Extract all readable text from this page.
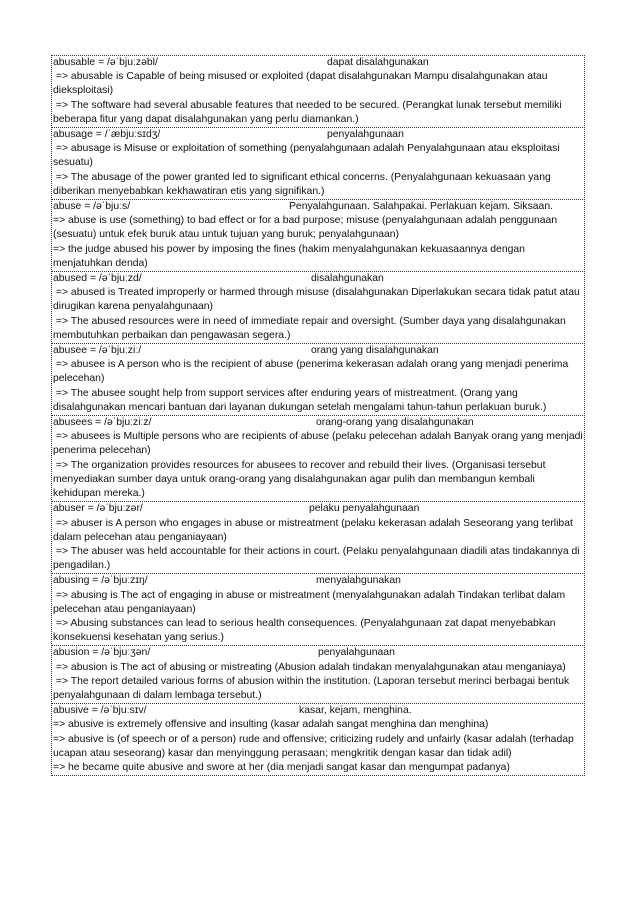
abusable = /əˈbjuːzəbl/	dapat disalahgunakan
=> abusable is Capable of being misused or exploited (dapat disalahgunakan Mampu disalahgunakan atau dieksploitasi)
=> The software had several abusable features that needed to be secured. (Perangkat lunak tersebut memiliki beberapa fitur yang dapat disalahgunakan yang perlu diamankan.)
abusage = /ˈæbjuːsɪdʒ/	penyalahgunaan
=> abusage is Misuse or exploitation of something (penyalahgunaan adalah Penyalahgunaan atau eksploitasi sesuatu)
=> The abusage of the power granted led to significant ethical concerns. (Penyalahgunaan kekuasaan yang diberikan menyebabkan kekhawatiran etis yang signifikan.)
abuse = /əˈbjuːs/	Penyalahgunaan. Salahpakai. Perlakuan kejam. Siksaan.
=> abuse is use (something) to bad effect or for a bad purpose; misuse (penyalahgunaan adalah penggunaan (sesuatu) untuk efek buruk atau untuk tujuan yang buruk; penyalahgunaan)
=> the judge abused his power by imposing the fines (hakim menyalahgunakan kekuasaannya dengan menjatuhkan denda)
abused = /əˈbjuːzd/	disalahgunakan
=> abused is Treated improperly or harmed through misuse (disalahgunakan Diperlakukan secara tidak patut atau dirugikan karena penyalahgunaan)
=> The abused resources were in need of immediate repair and oversight. (Sumber daya yang disalahgunakan membutuhkan perbaikan dan pengawasan segera.)
abusee = /əˈbjuːziː/	orang yang disalahgunakan
=> abusee is A person who is the recipient of abuse (penerima kekerasan adalah orang yang menjadi penerima pelecehan)
=> The abusee sought help from support services after enduring years of mistreatment. (Orang yang disalahgunakan mencari bantuan dari layanan dukungan setelah mengalami tahun-tahun perlakuan buruk.)
abusees = /əˈbjuːziːz/	orang-orang yang disalahgunakan
=> abusees is Multiple persons who are recipients of abuse (pelaku pelecehan adalah Banyak orang yang menjadi penerima pelecehan)
=> The organization provides resources for abusees to recover and rebuild their lives. (Organisasi tersebut menyediakan sumber daya untuk orang-orang yang disalahgunakan agar pulih dan membangun kembali kehidupan mereka.)
abuser = /əˈbjuːzər/	pelaku penyalahgunaan
=> abuser is A person who engages in abuse or mistreatment (pelaku kekerasan adalah Seseorang yang terlibat dalam pelecehan atau penganiayaan)
=> The abuser was held accountable for their actions in court. (Pelaku penyalahgunaan diadili atas tindakannya di pengadilan.)
abusing = /əˈbjuːzɪŋ/	menyalahgunakan
=> abusing is The act of engaging in abuse or mistreatment (menyalahgunakan adalah Tindakan terlibat dalam pelecehan atau penganiayaan)
=> Abusing substances can lead to serious health consequences. (Penyalahgunaan zat dapat menyebabkan konsekuensi kesehatan yang serius.)
abusion = /əˈbjuːʒən/	penyalahgunaan
=> abusion is The act of abusing or mistreating (Abusion adalah tindakan menyalahgunakan atau menganiaya)
=> The report detailed various forms of abusion within the institution. (Laporan tersebut merinci berbagai bentuk penyalahgunaan di dalam lembaga tersebut.)
abusive = /əˈbjuːsɪv/	kasar, kejam, menghina.
=> abusive is extremely offensive and insulting (kasar adalah sangat menghina dan menghina)
=> abusive is (of speech or of a person) rude and offensive; criticizing rudely and unfairly (kasar adalah (terhadap ucapan atau seseorang) kasar dan menyinggung perasaan; mengkritik dengan kasar dan tidak adil)
=> he became quite abusive and swore at her (dia menjadi sangat kasar dan mengumpat padanya)
